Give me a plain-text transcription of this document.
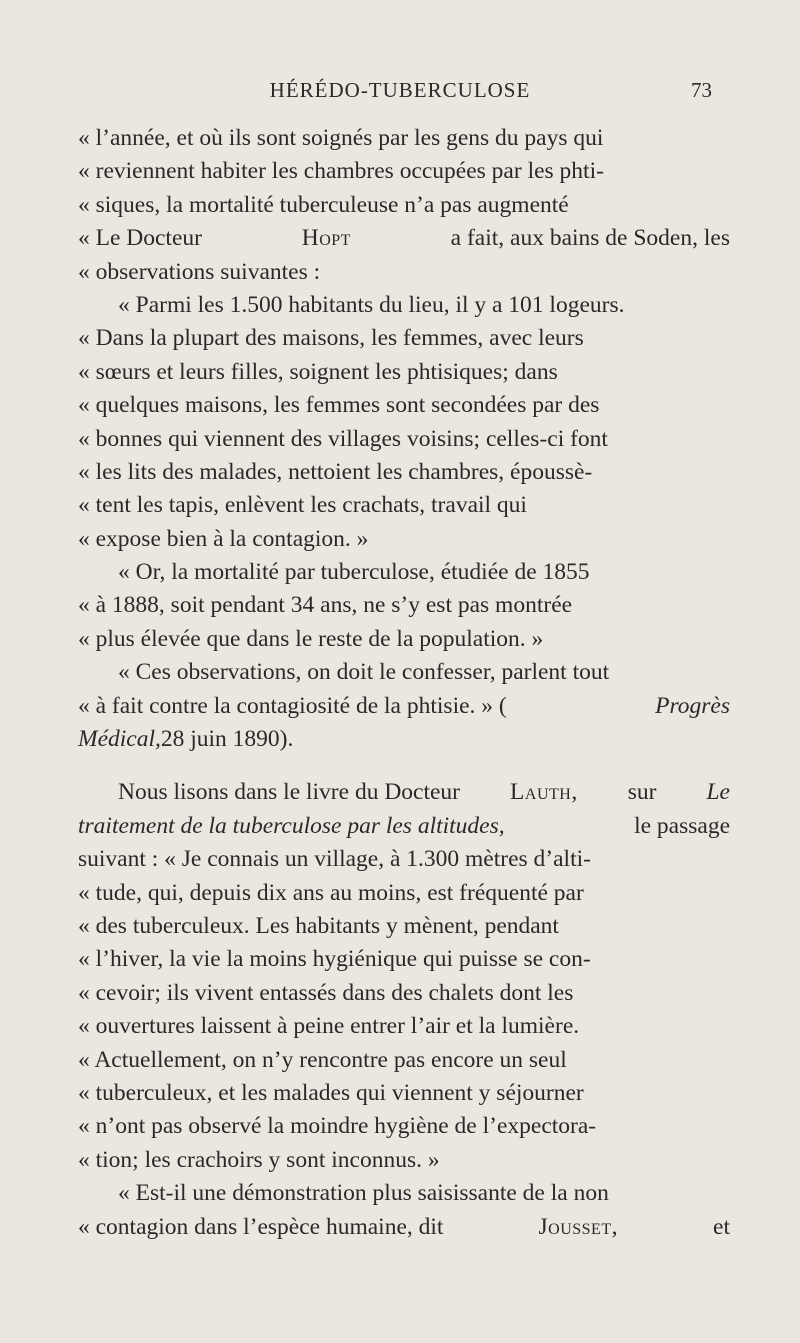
HÉRÉDO-TUBERCULOSE	73
« l’année, et où ils sont soignés par les gens du pays qui
« reviennent habiter les chambres occupées par les phti-
« siques, la mortalité tuberculeuse n’a pas augmenté
« Le Docteur	Hopt	a fait, aux bains de Soden, les
« observations suivantes :
« Parmi les 1.500 habitants du lieu, il y a 101 logeurs.
« Dans la plupart des maisons, les femmes, avec leurs
« sœurs et leurs filles, soignent les phtisiques; dans
« quelques maisons, les femmes sont secondées par des
« bonnes qui viennent des villages voisins; celles-ci font
« les lits des malades, nettoient les chambres, époussè-
« tent les tapis, enlèvent les crachats, travail qui
« expose bien à la contagion. »
« Or, la mortalité par tuberculose, étudiée de 1855
« à 1888, soit pendant 34 ans, ne s’y est pas montrée
« plus élevée que dans le reste de la population. »
« Ces observations, on doit le confesser, parlent tout
« à fait contre la contagiosité de la phtisie. » (	Progrès
Médical, 28 juin 1890).
Nous lisons dans le livre du Docteur Lauth, sur Le
traitement de la tuberculose par les altitudes,	le passage
suivant : « Je connais un village, à 1.300 mètres d’alti-
« tude, qui, depuis dix ans au moins, est fréquenté par
« des tuberculeux. Les habitants y mènent, pendant
« l’hiver, la vie la moins hygiénique qui puisse se con-
« cevoir; ils vivent entassés dans des chalets dont les
« ouvertures laissent à peine entrer l’air et la lumière.
« Actuellement, on n’y rencontre pas encore un seul
« tuberculeux, et les malades qui viennent y séjourner
« n’ont pas observé la moindre hygiène de l’expectora-
« tion; les crachoirs y sont inconnus. »
« Est-il une démonstration plus saisissante de la non
« contagion dans l’espèce humaine, dit	Jousset,	et
